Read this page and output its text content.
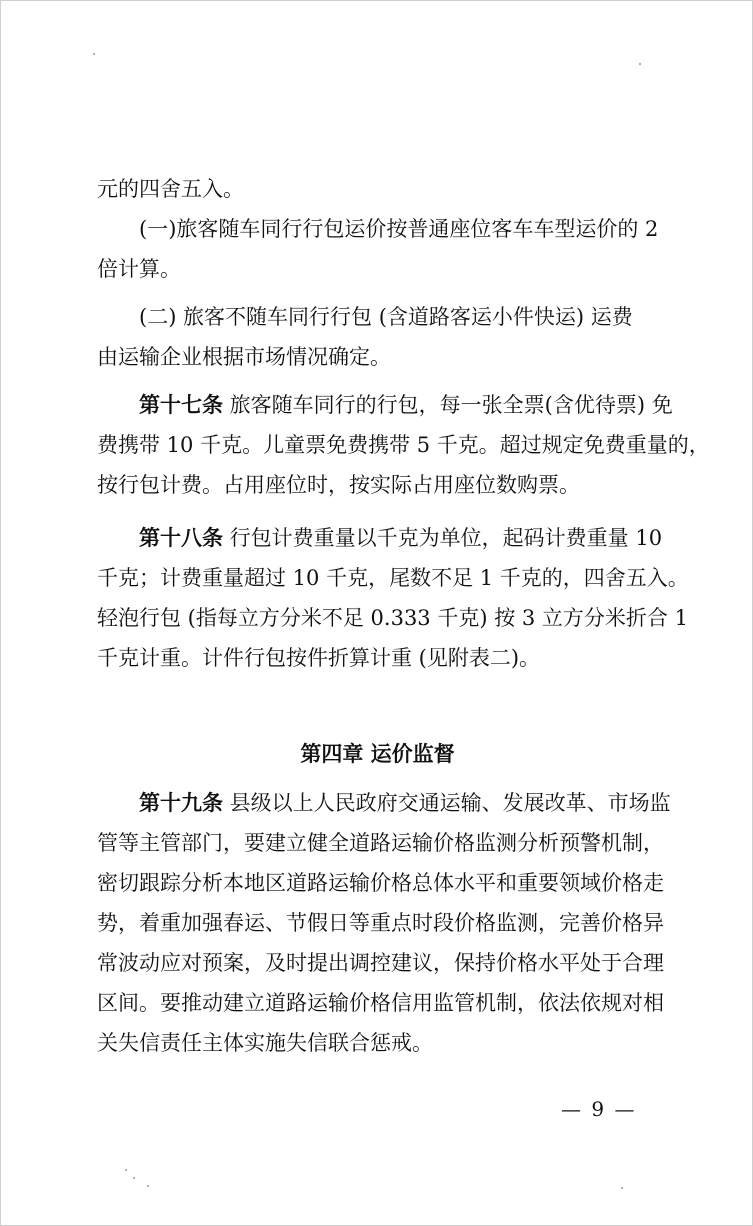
元的四舍五入。

(一)旅客随车同行行包运价按普通座位客车车型运价的 2
倍计算。

(二) 旅客不随车同行行包 (含道路客运小件快运) 运费
由运输企业根据市场情况确定。

第十七条 旅客随车同行的行包，每一张全票(含优待票) 免
费携带 10 千克。儿童票免费携带 5 千克。超过规定免费重量的，
按行包计费。占用座位时，按实际占用座位数购票。

第十八条 行包计费重量以千克为单位，起码计费重量 10
千克；计费重量超过 10 千克，尾数不足 1 千克的，四舍五入。
轻泡行包 (指每立方分米不足 0.333 千克) 按 3 立方分米折合 1
千克计重。计件行包按件折算计重 (见附表二)。

第四章 运价监督

第十九条 县级以上人民政府交通运输、发展改革、市场监
管等主管部门，要建立健全道路运输价格监测分析预警机制，
密切跟踪分析本地区道路运输价格总体水平和重要领域价格走
势，着重加强春运、节假日等重点时段价格监测，完善价格异
常波动应对预案，及时提出调控建议，保持价格水平处于合理
区间。要推动建立道路运输价格信用监管机制，依法依规对相
关失信责任主体实施失信联合惩戒。

— 9 —
